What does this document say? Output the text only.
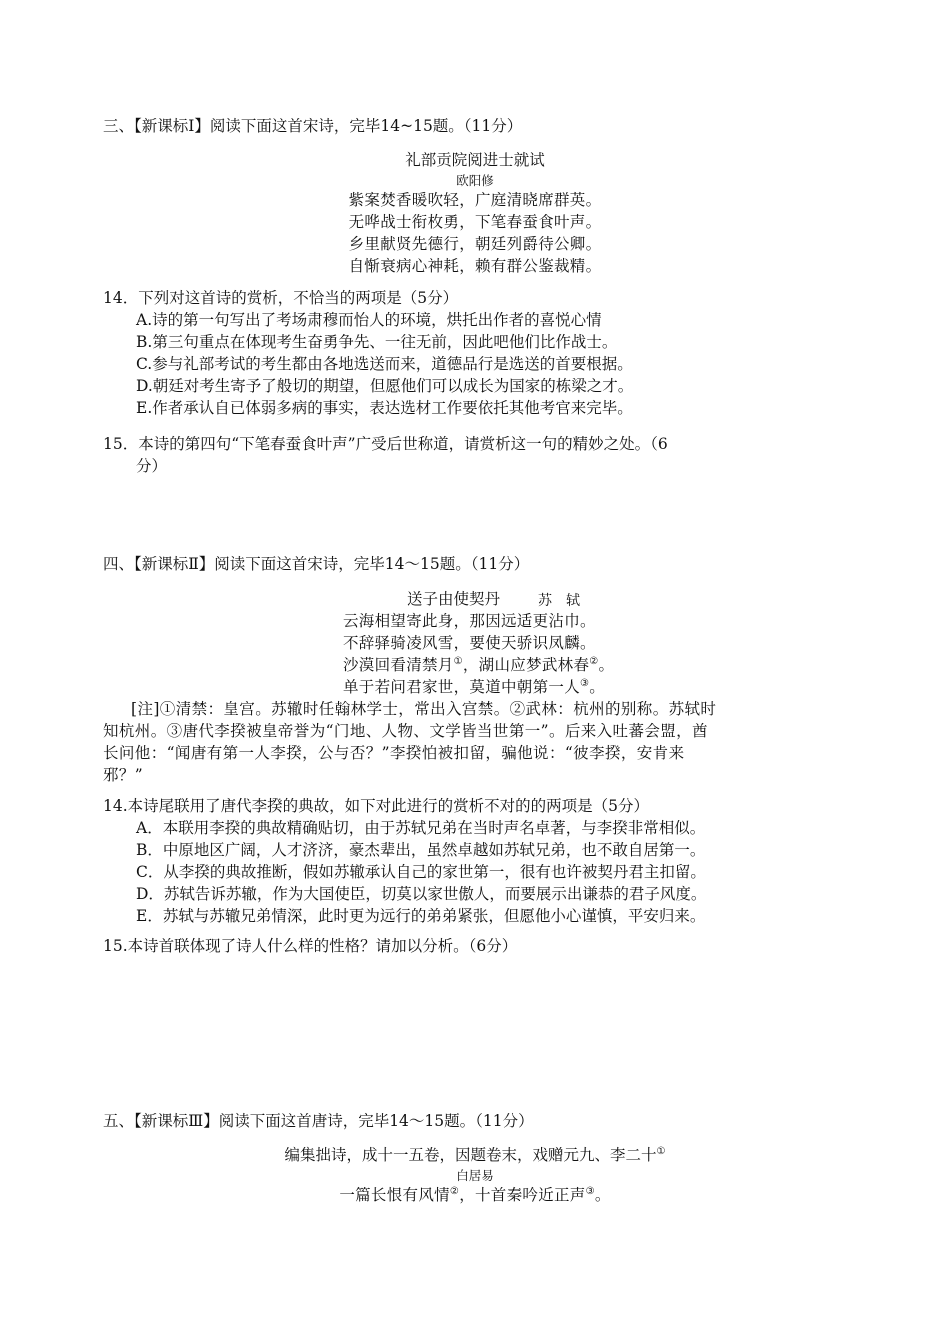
三、【新课标Ⅰ】阅读下面这首宋诗，完毕14~15题。（11分）
礼部贡院阅进士就试
欧阳修
紫案焚香暖吹轻，广庭清晓席群英。
无哗战士衔枚勇，下笔春蚕食叶声。
乡里献贤先德行，朝廷列爵待公卿。
自惭衰病心神耗，赖有群公鉴裁精。
14．下列对这首诗的赏析，不恰当的两项是（5分）
A.诗的第一句写出了考场肃穆而怡人的环境，烘托出作者的喜悦心情
B.第三句重点在体现考生奋勇争先、一往无前，因此吧他们比作战士。
C.参与礼部考试的考生都由各地选送而来，道德品行是选送的首要根据。
D.朝廷对考生寄予了般切的期望，但愿他们可以成长为国家的栋梁之才。
E.作者承认自已体弱多病的事实，表达选材工作要依托其他考官来完毕。
15．本诗的第四句“下笔春蚕食叶声”广受后世称道，请赏析这一句的精妙之处。（6
分）
四、【新课标Ⅱ】阅读下面这首宋诗，完毕14～15题。（11分）
送子由使契丹	苏　轼
云海相望寄此身，那因远适更沾巾。
不辞驿骑凌风雪，要使天骄识凤麟。
沙漠回看清禁月①，湖山应梦武林春②。
单于若问君家世，莫道中朝第一人③。
[注]①清禁：皇宫。苏辙时任翰林学士，常出入宫禁。②武林：杭州的别称。苏轼时
知杭州。③唐代李揆被皇帝誉为“门地、人物、文学皆当世第一”。后来入吐蕃会盟，酋
长问他：“闻唐有第一人李揆，公与否？”李揆怕被扣留，骗他说：“彼李揆，安肯来
邪？”
14.本诗尾联用了唐代李揆的典故，如下对此进行的赏析不对的的两项是（5分）
A．本联用李揆的典故精确贴切，由于苏轼兄弟在当时声名卓著，与李揆非常相似。
B．中原地区广阔，人才济济，豪杰辈出，虽然卓越如苏轼兄弟，也不敢自居第一。
C．从李揆的典故推断，假如苏辙承认自己的家世第一，很有也许被契丹君主扣留。
D．苏轼告诉苏辙，作为大国使臣，切莫以家世傲人，而要展示出谦恭的君子风度。
E．苏轼与苏辙兄弟情深，此时更为远行的弟弟紧张，但愿他小心谨慎，平安归来。
15.本诗首联体现了诗人什么样的性格？请加以分析。（6分）
五、【新课标Ⅲ】阅读下面这首唐诗，完毕14～15题。（11分）
编集拙诗，成十一五卷，因题卷末，戏赠元九、李二十①
白居易
一篇长恨有风情②，十首秦吟近正声③。
